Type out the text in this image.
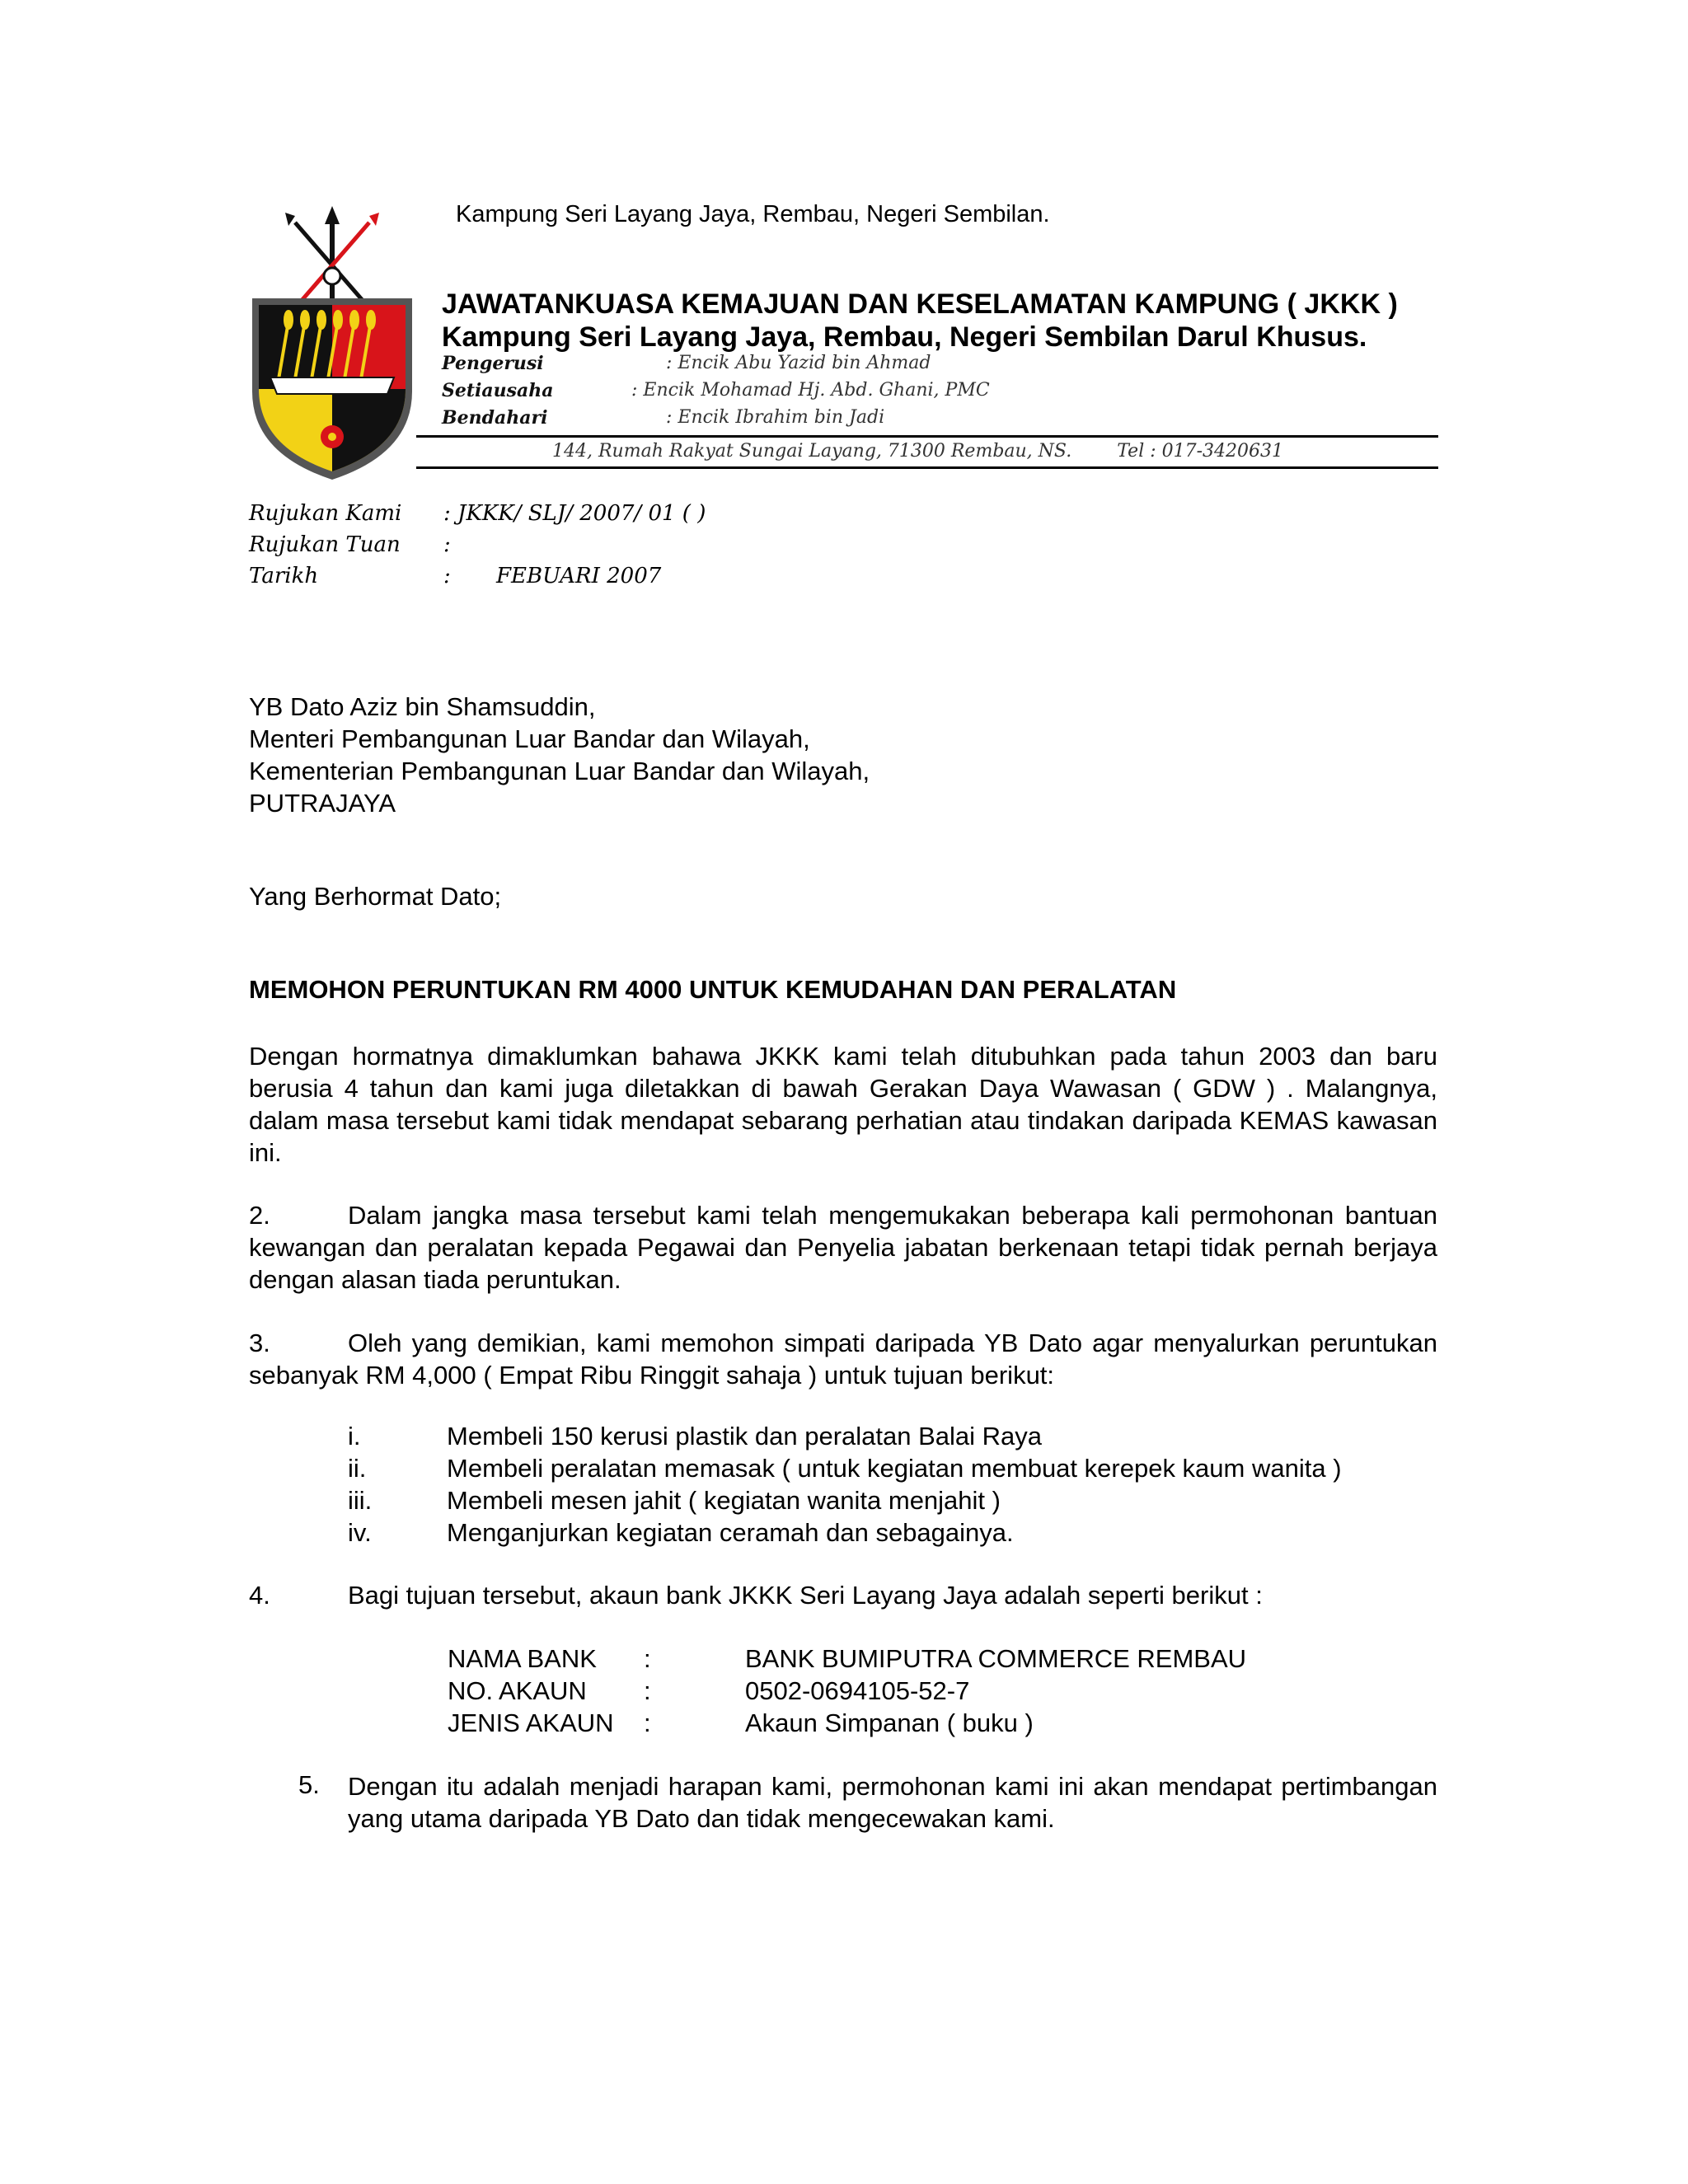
Kampung Seri Layang Jaya, Rembau, Negeri Sembilan.
JAWATANKUASA KEMAJUAN DAN KESELAMATAN KAMPUNG ( JKKK )
Kampung Seri Layang Jaya, Rembau, Negeri Sembilan Darul Khusus.
Pengerusi	: Encik Abu Yazid bin Ahmad
Setiausaha	: Encik Mohamad Hj. Abd. Ghani, PMC
Bendahari	: Encik Ibrahim bin Jadi
144, Rumah Rakyat Sungai Layang, 71300 Rembau, NS.	Tel : 017-3420631
Rujukan Kami : JKKK/ SLJ/ 2007/ 01 ( )
Rujukan Tuan :
Tarikh	: FEBUARI 2007
YB Dato Aziz bin Shamsuddin,
Menteri Pembangunan Luar Bandar dan Wilayah,
Kementerian Pembangunan Luar Bandar dan Wilayah,
PUTRAJAYA
Yang Berhormat Dato;
MEMOHON PERUNTUKAN RM 4000 UNTUK KEMUDAHAN DAN PERALATAN
Dengan hormatnya dimaklumkan bahawa JKKK kami telah ditubuhkan pada tahun 2003 dan baru berusia 4 tahun dan kami juga diletakkan di bawah Gerakan Daya Wawasan ( GDW ) . Malangnya, dalam masa tersebut kami tidak mendapat sebarang perhatian atau tindakan daripada KEMAS kawasan ini.
2.	Dalam jangka masa tersebut kami telah mengemukakan beberapa kali permohonan bantuan kewangan dan peralatan kepada Pegawai dan Penyelia jabatan berkenaan tetapi tidak pernah berjaya dengan alasan tiada peruntukan.
3.	Oleh yang demikian, kami memohon simpati daripada YB Dato agar menyalurkan peruntukan sebanyak RM 4,000 ( Empat Ribu Ringgit sahaja ) untuk tujuan berikut:
i.	Membeli 150 kerusi plastik dan peralatan Balai Raya
ii.	Membeli peralatan memasak ( untuk kegiatan membuat kerepek kaum wanita )
iii.	Membeli mesen jahit ( kegiatan wanita menjahit )
iv.	Menganjurkan kegiatan ceramah dan sebagainya.
4.	Bagi tujuan tersebut, akaun bank JKKK Seri Layang Jaya adalah seperti berikut :
NAMA BANK :	BANK BUMIPUTRA COMMERCE REMBAU
NO. AKAUN :	0502-0694105-52-7
JENIS AKAUN :	Akaun Simpanan ( buku )
5. Dengan itu adalah menjadi harapan kami, permohonan kami ini akan mendapat pertimbangan yang utama daripada YB Dato dan tidak mengecewakan kami.
